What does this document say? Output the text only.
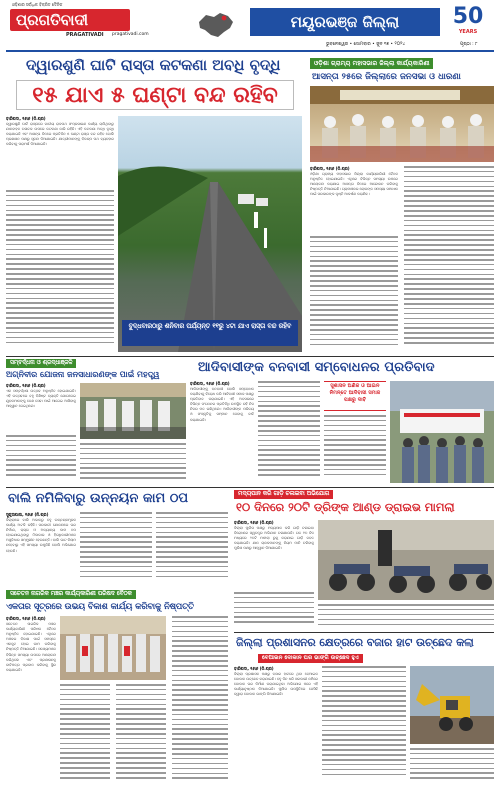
ଓଡ଼ିଶାର ସର୍ବାଧିକ ବିକ୍ରିତ ଦୈନିକ
ପ୍ରଗତିବାଦୀ
PRAGATIVADI pragativadi.com
ମୟୂରଭଞ୍ଜ ଜିଲ୍ଲା	50
YEARS
ଭୁବନେଶ୍ୱର • ସୋମବାର • ଜୁନ ୧୭ • ୨୦୨୪	ପୃଷ୍ଠା : ୮
ଦ୍ୱାରଶୁଣି ଘାଟି ରାସ୍ତା କଟକଣା ଅବଧି ବୃଦ୍ଧି
୧୫ ଯାଏ ୫ ଘଣ୍ଟା ବନ୍ଦ ରହିବ
ବାରିପଦା, ୧୬ା୬ (ନି.ପ୍ର)
ଦ୍ୱାରଶୁଣି ଘାଟି ରାସ୍ତାରେ ଜାତୀୟ ରାଜପଥ ସଂପ୍ରସାରଣ କାର୍ଯ୍ୟ ଚାଲିଥିବାରୁ ଯାନବାହନ ଚଳାଚଳ ଉପରେ କଟକଣା ଜାରି ରହିଛି। ଏହି କଟକଣା ଅବଧି ବୃଦ୍ଧି କରାଯାଇଛି ଏବଂ ଆସନ୍ତା ଦିନରେ ପ୍ରତିଦିନ ୫ ଘଣ୍ଟା ରାସ୍ତା ବନ୍ଦ ରହିବ ବୋଲି ପ୍ରଶାସନ ପକ୍ଷରୁ ସୂଚନା ଦିଆଯାଇଛି। ଯାତ୍ରୀମାନଙ୍କୁ ବିକଳ୍ପ ପଥ ବ୍ୟବହାର କରିବାକୁ ପରାମର୍ଶ ଦିଆଯାଇଛି।
ବୁଦ୍ଧବାରଠାରୁ ଶନିବାର ପର୍ଯ୍ୟନ୍ତ ୧୧ରୁ ୪ଟା ଯାଏ ରାସ୍ତା ବନ୍ଦ ରହିବ
ଓଡ଼ିଶା ଗ୍ରାମ୍ୟ ମହାସଭାର ଜିଲ୍ଲା କାର୍ଯ୍ୟକାରିଣୀ
ଆସନ୍ତା ୨୫ରେ ଜିଲ୍ଲାରେ ଜନସଭା ଓ ଧାରଣା
ବାରିପଦା, ୧୬ା୬ (ନି.ପ୍ର)
ଓଡ଼ିଶା ଗ୍ରାମ୍ୟ ମହାସଭାର ଜିଲ୍ଲା କାର୍ଯ୍ୟକାରିଣୀ ବୈଠକ ଅନୁଷ୍ଠିତ ହୋଇଯାଇଛି। ଏଥିରେ ବିଭିନ୍ନ ସମସ୍ୟା ଉପରେ ଆଲୋଚନା କରାଯାଇ ଆସନ୍ତା ଦିନରେ ଆନ୍ଦୋଳନ କରିବାକୁ ନିଷ୍ପତ୍ତି ନିଆଯାଇଛି। ଗ୍ରାମାଞ୍ଚଳର ଲୋକଙ୍କ ସମସ୍ୟା ସମାଧାନ ପାଇଁ ସରକାରଙ୍କ ଦୃଷ୍ଟି ଆକର୍ଷଣ କରାଯିବ।
ସମ୍ବର୍ଦ୍ଧନା ଓ ଶ୍ରଦ୍ଧାଞ୍ଜଳି
ଅଗ୍ନିବୀର ଯୋଜନା ଜନସାଧାରଣଙ୍କ ପାଇଁ ମହତ୍ତ୍ୱ
ବାରିପଦା, ୧୬ା୬ (ନି.ପ୍ର)
ଏକ ସମ୍ବର୍ଦ୍ଧନା ଉତ୍ସବ ଅନୁଷ୍ଠିତ ହୋଇଯାଇଛି। ଏହି ଉତ୍ସବରେ ବହୁ ବିଶିଷ୍ଟ ବ୍ୟକ୍ତି ଯୋଗଦେଇ ଯୁବକମାନଙ୍କୁ ଦେଶ ସେବା ପାଇଁ ଆଗେଇ ଆସିବାକୁ ଆହ୍ୱାନ ଦେଇଥିଲେ।
ଆଦିବାସୀଙ୍କ ବନବାସୀ ସମ୍ବୋଧନର ପ୍ରତିବାଦ
ବାରିପଦା, ୧୬ା୬ (ନି.ପ୍ର)
ଆଦିବାସୀଙ୍କୁ ବନବାସୀ ବୋଲି ସମ୍ବୋଧନ କରାଯିବାକୁ ବିରୋଧ କରି ଆଦିବାସୀ ସମାଜ ପକ୍ଷରୁ ପ୍ରତିବାଦ କରାଯାଇଛି। ଏହି ଅବସରରେ ବିଭିନ୍ନ ସଂଗଠନର ପ୍ରତିନିଧି ଉପସ୍ଥିତ ରହି ନିଜ ନିଜର ମତ ରଖିଥିଲେ। ଆଦିବାସୀଙ୍କ ପରିଚୟ ଓ ସଂସ୍କୃତିକୁ ସମ୍ମାନ ଦେବାକୁ ଦାବି କରାଯାଇଛି।
ସୁଶାସନ ଅଣିକ ଓ ଆଇନ ନିମନ୍ତେ ଆଦିବାସୀ ସମାଜ ପକ୍ଷରୁ ଦାବି
ବାଲି ନମିଳିବାରୁ ଉନ୍ନୟନ କାମ ଠପ
ସୁକୃତାପାଲ, ୧୬ା୬ (ନି.ପ୍ର)
ଜିଲ୍ଲାରେ ବାଲି ଅଭାବରୁ ବହୁ ଉନ୍ନୟନମୂଳକ କାର୍ଯ୍ୟ ଅଟକି ରହିଛି। ସରକାରୀ ଯୋଜନାରେ ଘର ନିର୍ମାଣ, ରାସ୍ତା ଓ ଅନ୍ୟାନ୍ୟ କାମ ଠପ ହୋଇଯାଇଥିବାରୁ ଠିକାଦାର ଓ ହିତାଧିକାରୀମାନେ ଅସୁବିଧାର ସମ୍ମୁଖୀନ ହେଉଛନ୍ତି। ବାଲି ଘାଟ ନିଲାମ ନହେବାରୁ ଏହି ସମସ୍ୟା ଉପୁଜିଛି ବୋଲି ଅଭିଯୋଗ ହେଉଛି।
ମଦ୍ୟପାନ କରି ଗାଡ଼ି ଚଳାଇବା ଅଭିଯୋଗ
୧୦ ଦିନରେ ୨୦ଟି ଡ୍ରିଙ୍କ ଆଣ୍ଡ ଡ୍ରାଇଭ ମାମଲା
ବାରିପଦା, ୧୬ା୬ (ନି.ପ୍ର)
ଜିଲ୍ଲା ପୁଲିସ ପକ୍ଷରୁ ମଦ୍ୟପାନ କରି ଗାଡ଼ି ଚଳାଇବା ବିରୋଧରେ ସ୍ୱତନ୍ତ୍ର ଅଭିଯାନ ଚଳାଯାଉଛି। ଗତ ୧୦ ଦିନ ମଧ୍ୟରେ ୨୦ଟି ମାମଲା ରୁଜୁ କରାଯାଇ ଗାଡ଼ି ଜବତ କରାଯାଇଛି। ଯାନ ଚାଳକମାନଙ୍କୁ ନିୟମ ମାନି ଚଳିବାକୁ ପୁଲିସ ପକ୍ଷରୁ ଆହ୍ୱାନ ଦିଆଯାଇଛି।
ସଚେତନ ନାଗରିକ ମଞ୍ଚର କାର୍ଯ୍ୟକାରିଣୀ ପରିଷଦ ବୈଠକ
ଏକତାର ସୂତ୍ରରେ ଉଭୟ ବିକାଶ କାର୍ଯ୍ୟ କରିବାକୁ ନିଷ୍ପତ୍ତି
ବାରିପଦା, ୧୬ା୬ (ନି.ପ୍ର)
ସଚେତନ ନାଗରିକ ମଞ୍ଚର କାର୍ଯ୍ୟକାରିଣୀ ପରିଷଦ ବୈଠକ ଅନୁଷ୍ଠିତ ହୋଇଯାଇଛି। ଏଥିରେ ଅଞ୍ଚଳର ବିକାଶ ପାଇଁ ସମସ୍ତେ ଏକଜୁଟ ହୋଇ କାମ କରିବାକୁ ନିଷ୍ପତ୍ତି ନିଆଯାଇଛି। ସଦସ୍ୟମାନେ ବିଭିନ୍ନ ସମସ୍ୟା ଉପରେ ଆଲୋଚନା କରିଥିଲେ ଏବଂ ପ୍ରଶାସନକୁ ଦାବିପତ୍ର ପ୍ରଦାନ କରିବାକୁ ସ୍ଥିର କରାଯାଇଛି।
ଜିଲ୍ଲା ପ୍ରଶାସନର କ୍ଷେତ୍ରରେ ବଜାର ହାଟ ଉଚ୍ଛେଦ କଲା
ବେଆଇନ ଦୋକାନ ଘର ଭାଙ୍ଗି ଉଚ୍ଛେଦ ହୁଏ
ବାରିପଦା, ୧୬ା୬ (ନି.ପ୍ର)
ଜିଲ୍ଲା ପ୍ରଶାସନ ପକ୍ଷରୁ ବଜାର ହାଟରେ ଥିବା ବେଆଇନ ଦୋକାନ ଉଚ୍ଛେଦ କରାଯାଇଛି। ବହୁ ଦିନ ଧରି ସରକାରୀ ଜମିରେ ଦୋକାନ ଘର ନିର୍ମାଣ କରାଯାଇଥିବା ଅଭିଯୋଗ ପରେ ଏହି କାର୍ଯ୍ୟାନୁଷ୍ଠାନ ନିଆଯାଇଛି। ପୁଲିସ ଉପସ୍ଥିତିରେ ଜେସିବି ଦ୍ୱାରା ଦୋକାନ ଭାଙ୍ଗି ଦିଆଯାଇଛି।
